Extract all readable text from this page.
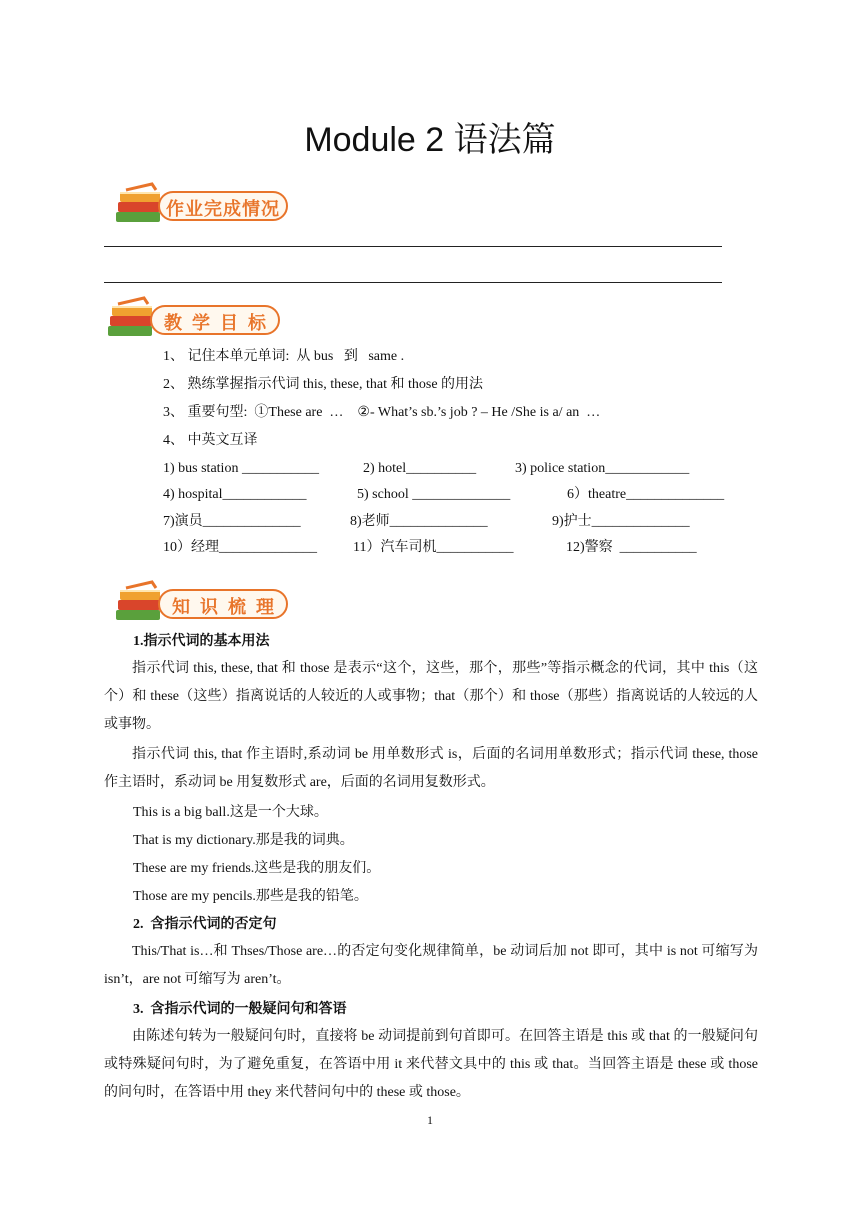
Module 2 语法篇
作业完成情况
教学目标
1、 记住本单元单词:  从 bus   到   same .
2、 熟练掌握指示代词 this, these, that 和 those 的用法
3、 重要句型:  ①These are  …    ②- What’s sb.’s job ? – He /She is a/ an  …
4、 中英文互译
1) bus station ___________	2) hotel__________	3) police station____________
4) hospital____________	5) school ______________	6）theatre______________
7)演员______________	8)老师______________	9)护士______________
10）经理______________	11）汽车司机___________	12)警察  ___________
知识梳理
1.指示代词的基本用法
指示代词 this, these, that 和 those 是表示“这个，这些，那个，那些”等指示概念的代词，其中 this（这个）和 these（这些）指离说话的人较近的人或事物；that（那个）和 those（那些）指离说话的人较远的人或事物。
指示代词 this, that 作主语时,系动词 be 用单数形式 is，后面的名词用单数形式；指示代词 these, those 作主语时，系动词 be 用复数形式 are，后面的名词用复数形式。
This is a big ball.这是一个大球。
That is my dictionary.那是我的词典。
These are my friends.这些是我的朋友们。
Those are my pencils.那些是我的铅笔。
2.  含指示代词的否定句
This/That is…和 Thses/Those are…的否定句变化规律简单，be 动词后加 not 即可，其中 is not 可缩写为 isn’t，are not 可缩写为 aren’t。
3.  含指示代词的一般疑问句和答语
由陈述句转为一般疑问句时，直接将 be 动词提前到句首即可。在回答主语是 this 或 that 的一般疑问句或特殊疑问句时，为了避免重复，在答语中用 it 来代替文具中的 this 或 that。当回答主语是 these 或 those 的问句时，在答语中用 they 来代替问句中的 these 或 those。
1
